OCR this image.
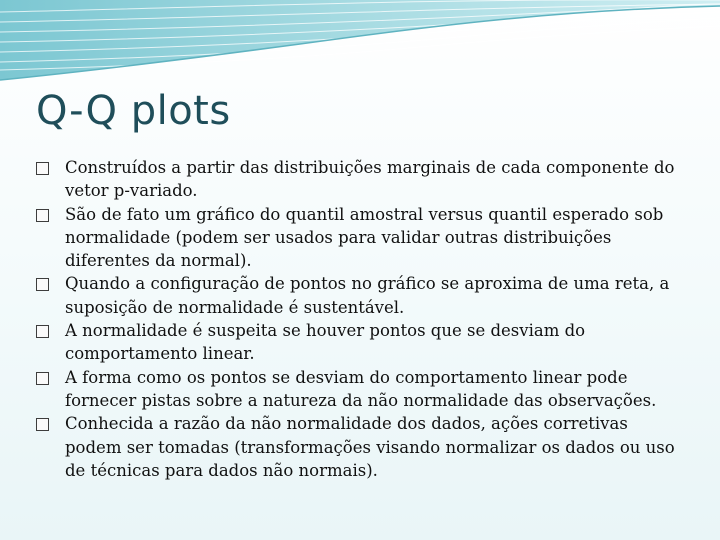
Q-Q plots
Construídos a partir das distribuições marginais de cada componente do vetor p-variado.
São de fato um gráfico do quantil amostral versus quantil esperado sob normalidade (podem ser usados para validar outras distribuições diferentes da normal).
Quando a configuração de pontos no gráfico se aproxima de uma reta, a suposição de normalidade é sustentável.
A normalidade é suspeita se houver pontos que se desviam do comportamento linear.
A forma como os pontos se desviam do comportamento linear pode fornecer pistas sobre a natureza da não normalidade das observações.
Conhecida a razão da não normalidade dos dados, ações corretivas podem ser tomadas (transformações visando normalizar os dados ou uso de técnicas para dados não normais).
